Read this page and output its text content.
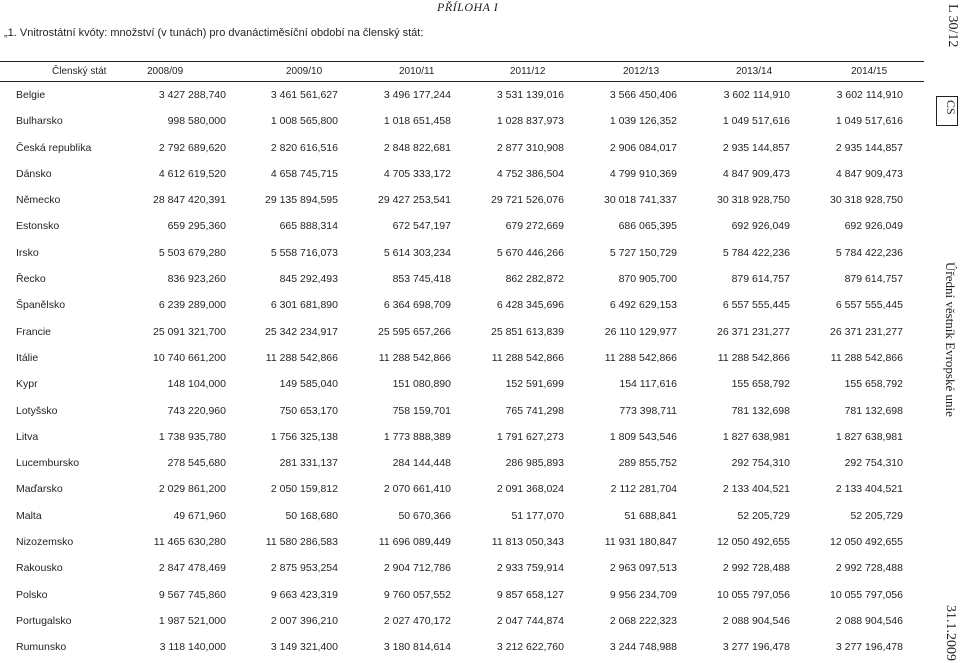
PŘÍLOHA I
„1. Vnitrostátní kvóty: množství (v tunách) pro dvanáctiměsíční období na členský stát:
Členský stát	2008/09	2009/10	2010/11	2011/12	2012/13	2013/14	2014/15
Belgie	3 427 288,740	3 461 561,627	3 496 177,244	3 531 139,016	3 566 450,406	3 602 114,910	3 602 114,910
Bulharsko	998 580,000	1 008 565,800	1 018 651,458	1 028 837,973	1 039 126,352	1 049 517,616	1 049 517,616
Česká republika	2 792 689,620	2 820 616,516	2 848 822,681	2 877 310,908	2 906 084,017	2 935 144,857	2 935 144,857
Dánsko	4 612 619,520	4 658 745,715	4 705 333,172	4 752 386,504	4 799 910,369	4 847 909,473	4 847 909,473
Německo	28 847 420,391	29 135 894,595	29 427 253,541	29 721 526,076	30 018 741,337	30 318 928,750	30 318 928,750
Estonsko	659 295,360	665 888,314	672 547,197	679 272,669	686 065,395	692 926,049	692 926,049
Irsko	5 503 679,280	5 558 716,073	5 614 303,234	5 670 446,266	5 727 150,729	5 784 422,236	5 784 422,236
Řecko	836 923,260	845 292,493	853 745,418	862 282,872	870 905,700	879 614,757	879 614,757
Španělsko	6 239 289,000	6 301 681,890	6 364 698,709	6 428 345,696	6 492 629,153	6 557 555,445	6 557 555,445
Francie	25 091 321,700	25 342 234,917	25 595 657,266	25 851 613,839	26 110 129,977	26 371 231,277	26 371 231,277
Itálie	10 740 661,200	11 288 542,866	11 288 542,866	11 288 542,866	11 288 542,866	11 288 542,866	11 288 542,866
Kypr	148 104,000	149 585,040	151 080,890	152 591,699	154 117,616	155 658,792	155 658,792
Lotyšsko	743 220,960	750 653,170	758 159,701	765 741,298	773 398,711	781 132,698	781 132,698
Litva	1 738 935,780	1 756 325,138	1 773 888,389	1 791 627,273	1 809 543,546	1 827 638,981	1 827 638,981
Lucembursko	278 545,680	281 331,137	284 144,448	286 985,893	289 855,752	292 754,310	292 754,310
Maďarsko	2 029 861,200	2 050 159,812	2 070 661,410	2 091 368,024	2 112 281,704	2 133 404,521	2 133 404,521
Malta	49 671,960	50 168,680	50 670,366	51 177,070	51 688,841	52 205,729	52 205,729
Nizozemsko	11 465 630,280	11 580 286,583	11 696 089,449	11 813 050,343	11 931 180,847	12 050 492,655	12 050 492,655
Rakousko	2 847 478,469	2 875 953,254	2 904 712,786	2 933 759,914	2 963 097,513	2 992 728,488	2 992 728,488
Polsko	9 567 745,860	9 663 423,319	9 760 057,552	9 857 658,127	9 956 234,709	10 055 797,056	10 055 797,056
Portugalsko	1 987 521,000	2 007 396,210	2 027 470,172	2 047 744,874	2 068 222,323	2 088 904,546	2 088 904,546
Rumunsko	3 118 140,000	3 149 321,400	3 180 814,614	3 212 622,760	3 244 748,988	3 277 196,478	3 277 196,478
L 30/12
CS
Úřední věstník Evropské unie
31.1.2009
